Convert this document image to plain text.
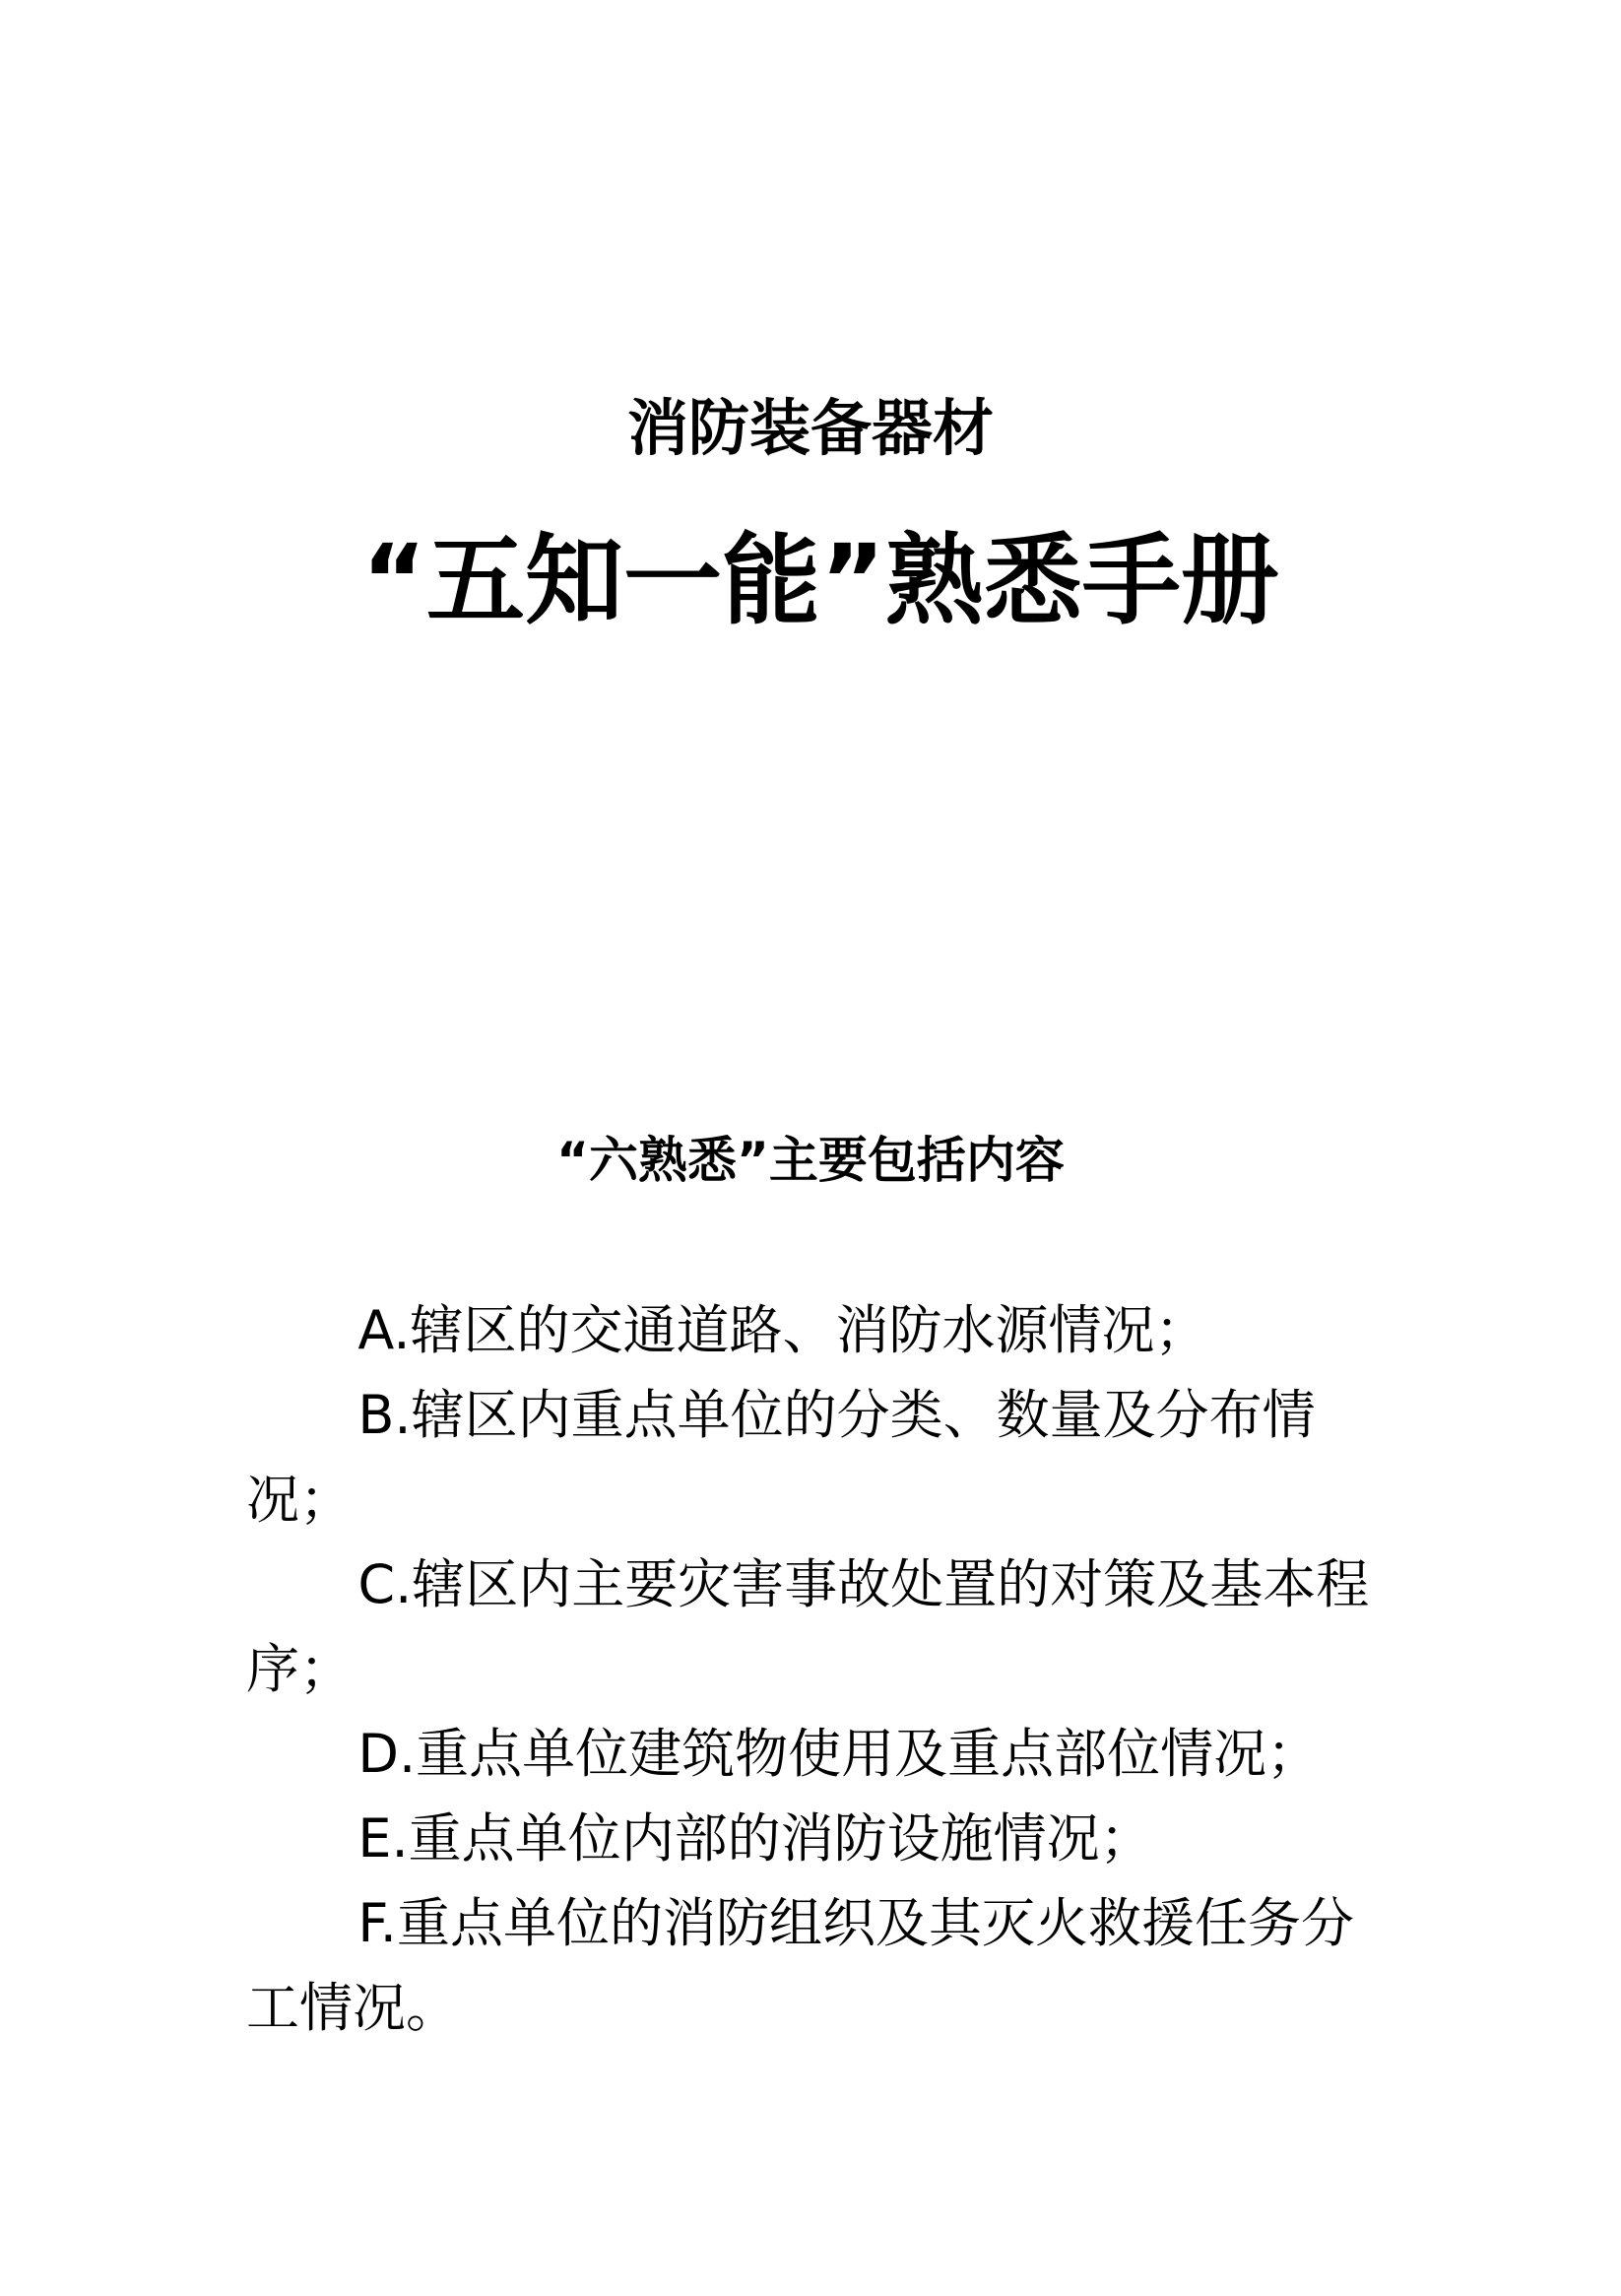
消防装备器材
“五知一能”熟悉手册
“六熟悉”主要包括内容
A.辖区的交通道路、消防水源情况；
B.辖区内重点单位的分类、数量及分布情况；
C.辖区内主要灾害事故处置的对策及基本程序；
D.重点单位建筑物使用及重点部位情况；
E.重点单位内部的消防设施情况；
F.重点单位的消防组织及其灭火救援任务分工情况。
